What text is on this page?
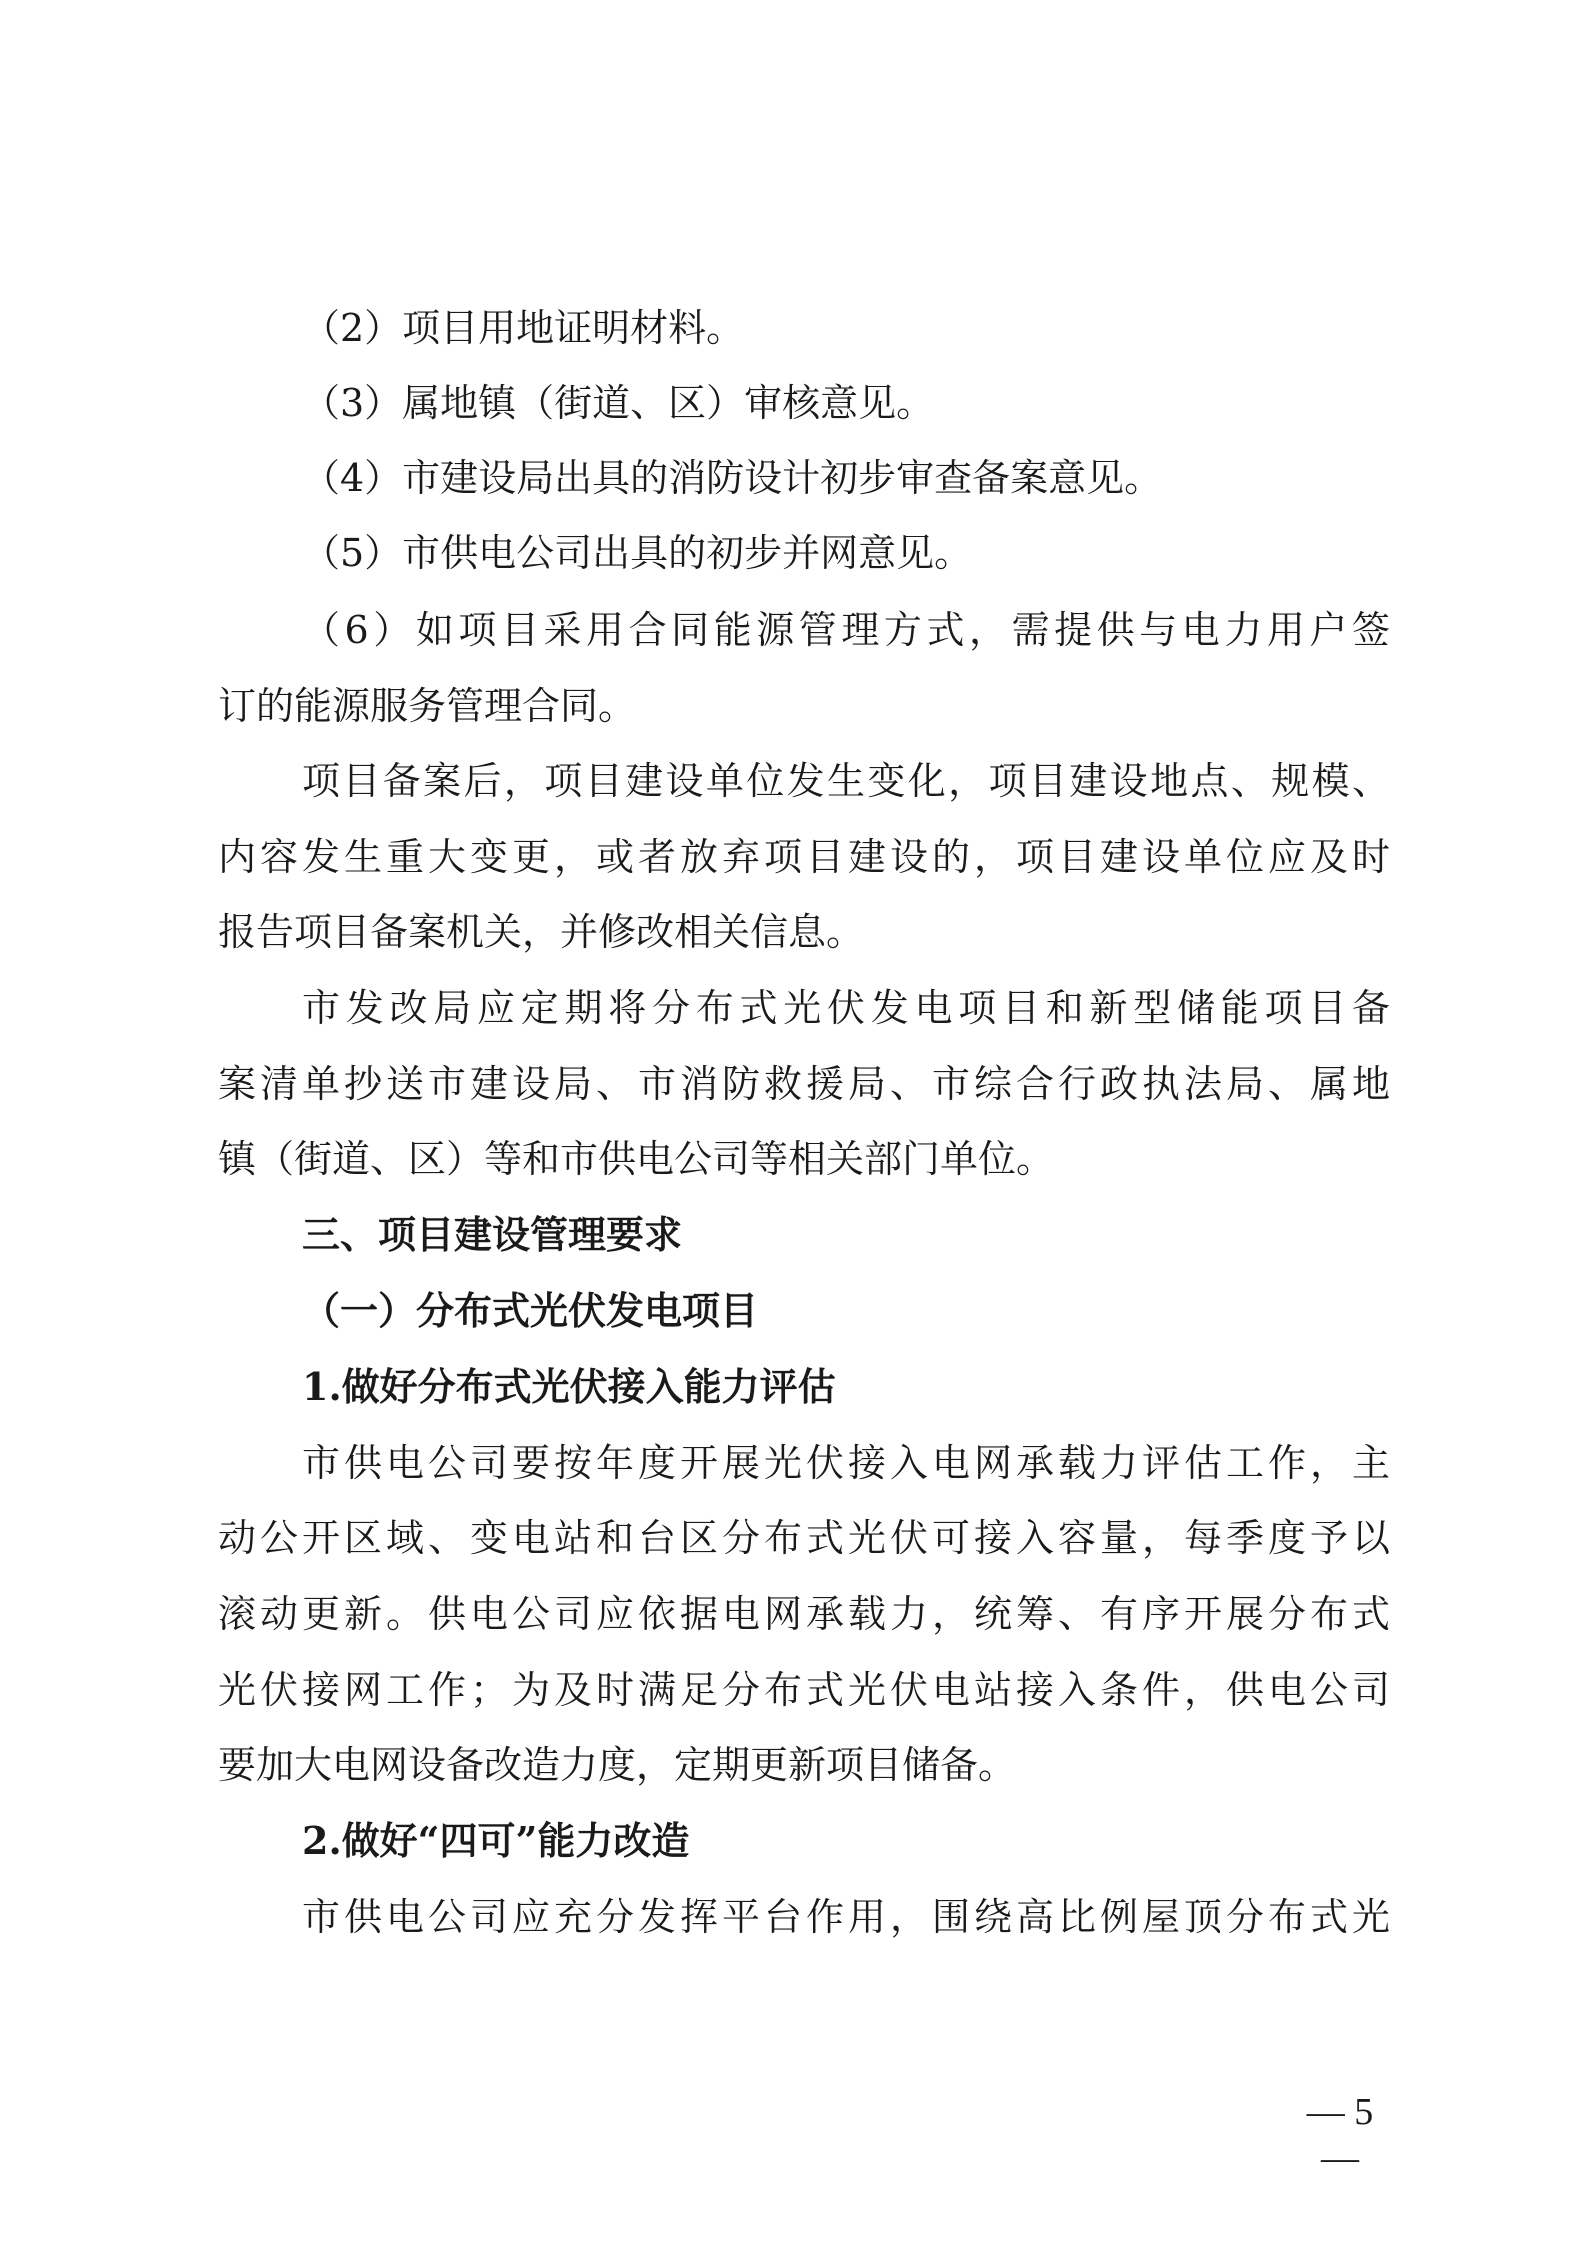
（2）项目用地证明材料。
（3）属地镇（街道、区）审核意见。
（4）市建设局出具的消防设计初步审查备案意见。
（5）市供电公司出具的初步并网意见。
（6）如项目采用合同能源管理方式，需提供与电力用户签
订的能源服务管理合同。
项目备案后，项目建设单位发生变化，项目建设地点、规模、
内容发生重大变更，或者放弃项目建设的，项目建设单位应及时
报告项目备案机关，并修改相关信息。
市发改局应定期将分布式光伏发电项目和新型储能项目备
案清单抄送市建设局、市消防救援局、市综合行政执法局、属地
镇（街道、区）等和市供电公司等相关部门单位。
三、项目建设管理要求
（一）分布式光伏发电项目
1.做好分布式光伏接入能力评估
市供电公司要按年度开展光伏接入电网承载力评估工作，主
动公开区域、变电站和台区分布式光伏可接入容量，每季度予以
滚动更新。供电公司应依据电网承载力，统筹、有序开展分布式
光伏接网工作；为及时满足分布式光伏电站接入条件，供电公司
要加大电网设备改造力度，定期更新项目储备。
2.做好“四可”能力改造
市供电公司应充分发挥平台作用，围绕高比例屋顶分布式光
— 5 —
